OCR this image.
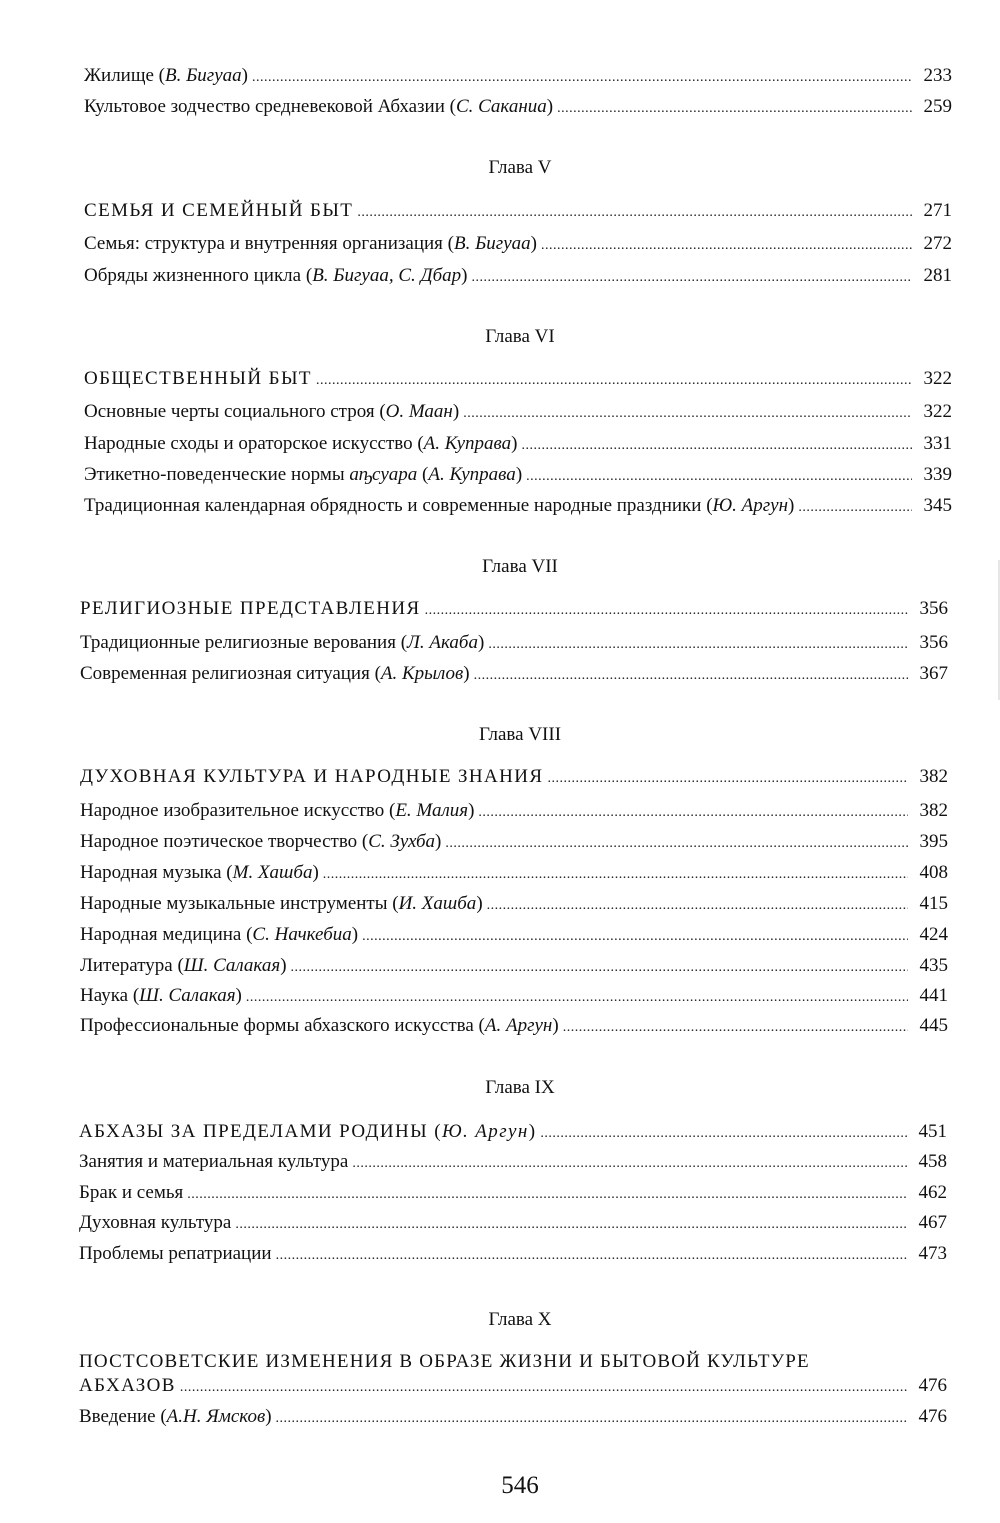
Жилище (В. Бигуаа) .....	233
Культовое зодчество средневековой Абхазии (С. Саканиа) .....	259
Глава V
СЕМЬЯ И СЕМЕЙНЫЙ БЫТ .....	271
Семья: структура и внутренняя организация (В. Бигуаа) .....	272
Обряды жизненного цикла (В. Бигуаа, С. Дбар) .....	281
Глава VI
ОБЩЕСТВЕННЫЙ БЫТ .....	322
Основные черты социального строя (О. Маан) .....	322
Народные сходы и ораторское искусство (А. Куправа) .....	331
Этикетно-поведенческие нормы аҧсуара (А. Куправа) .....	339
Традиционная календарная обрядность и современные народные праздники (Ю. Аргун) .....	345
Глава VII
РЕЛИГИОЗНЫЕ ПРЕДСТАВЛЕНИЯ .....	356
Традиционные религиозные верования (Л. Акаба) .....	356
Современная религиозная ситуация (А. Крылов) .....	367
Глава VIII
ДУХОВНАЯ КУЛЬТУРА И НАРОДНЫЕ ЗНАНИЯ .....	382
Народное изобразительное искусство (Е. Малия) .....	382
Народное поэтическое творчество (С. Зухба) .....	395
Народная музыка (М. Хашба) .....	408
Народные музыкальные инструменты (И. Хашба) .....	415
Народная медицина (С. Начкебиа) .....	424
Литература (Ш. Салакая) .....	435
Наука (Ш. Салакая) .....	441
Профессиональные формы абхазского искусства (А. Аргун) .....	445
Глава IX
АБХАЗЫ ЗА ПРЕДЕЛАМИ РОДИНЫ (Ю. Аргун) .....	451
Занятия и материальная культура .....	458
Брак и семья .....	462
Духовная культура .....	467
Проблемы репатриации .....	473
Глава X
ПОСТСОВЕТСКИЕ ИЗМЕНЕНИЯ В ОБРАЗЕ ЖИЗНИ И БЫТОВОЙ КУЛЬТУРЕ
АБХАЗОВ .....	476
Введение (А.Н. Ямсков) .....	476
546
